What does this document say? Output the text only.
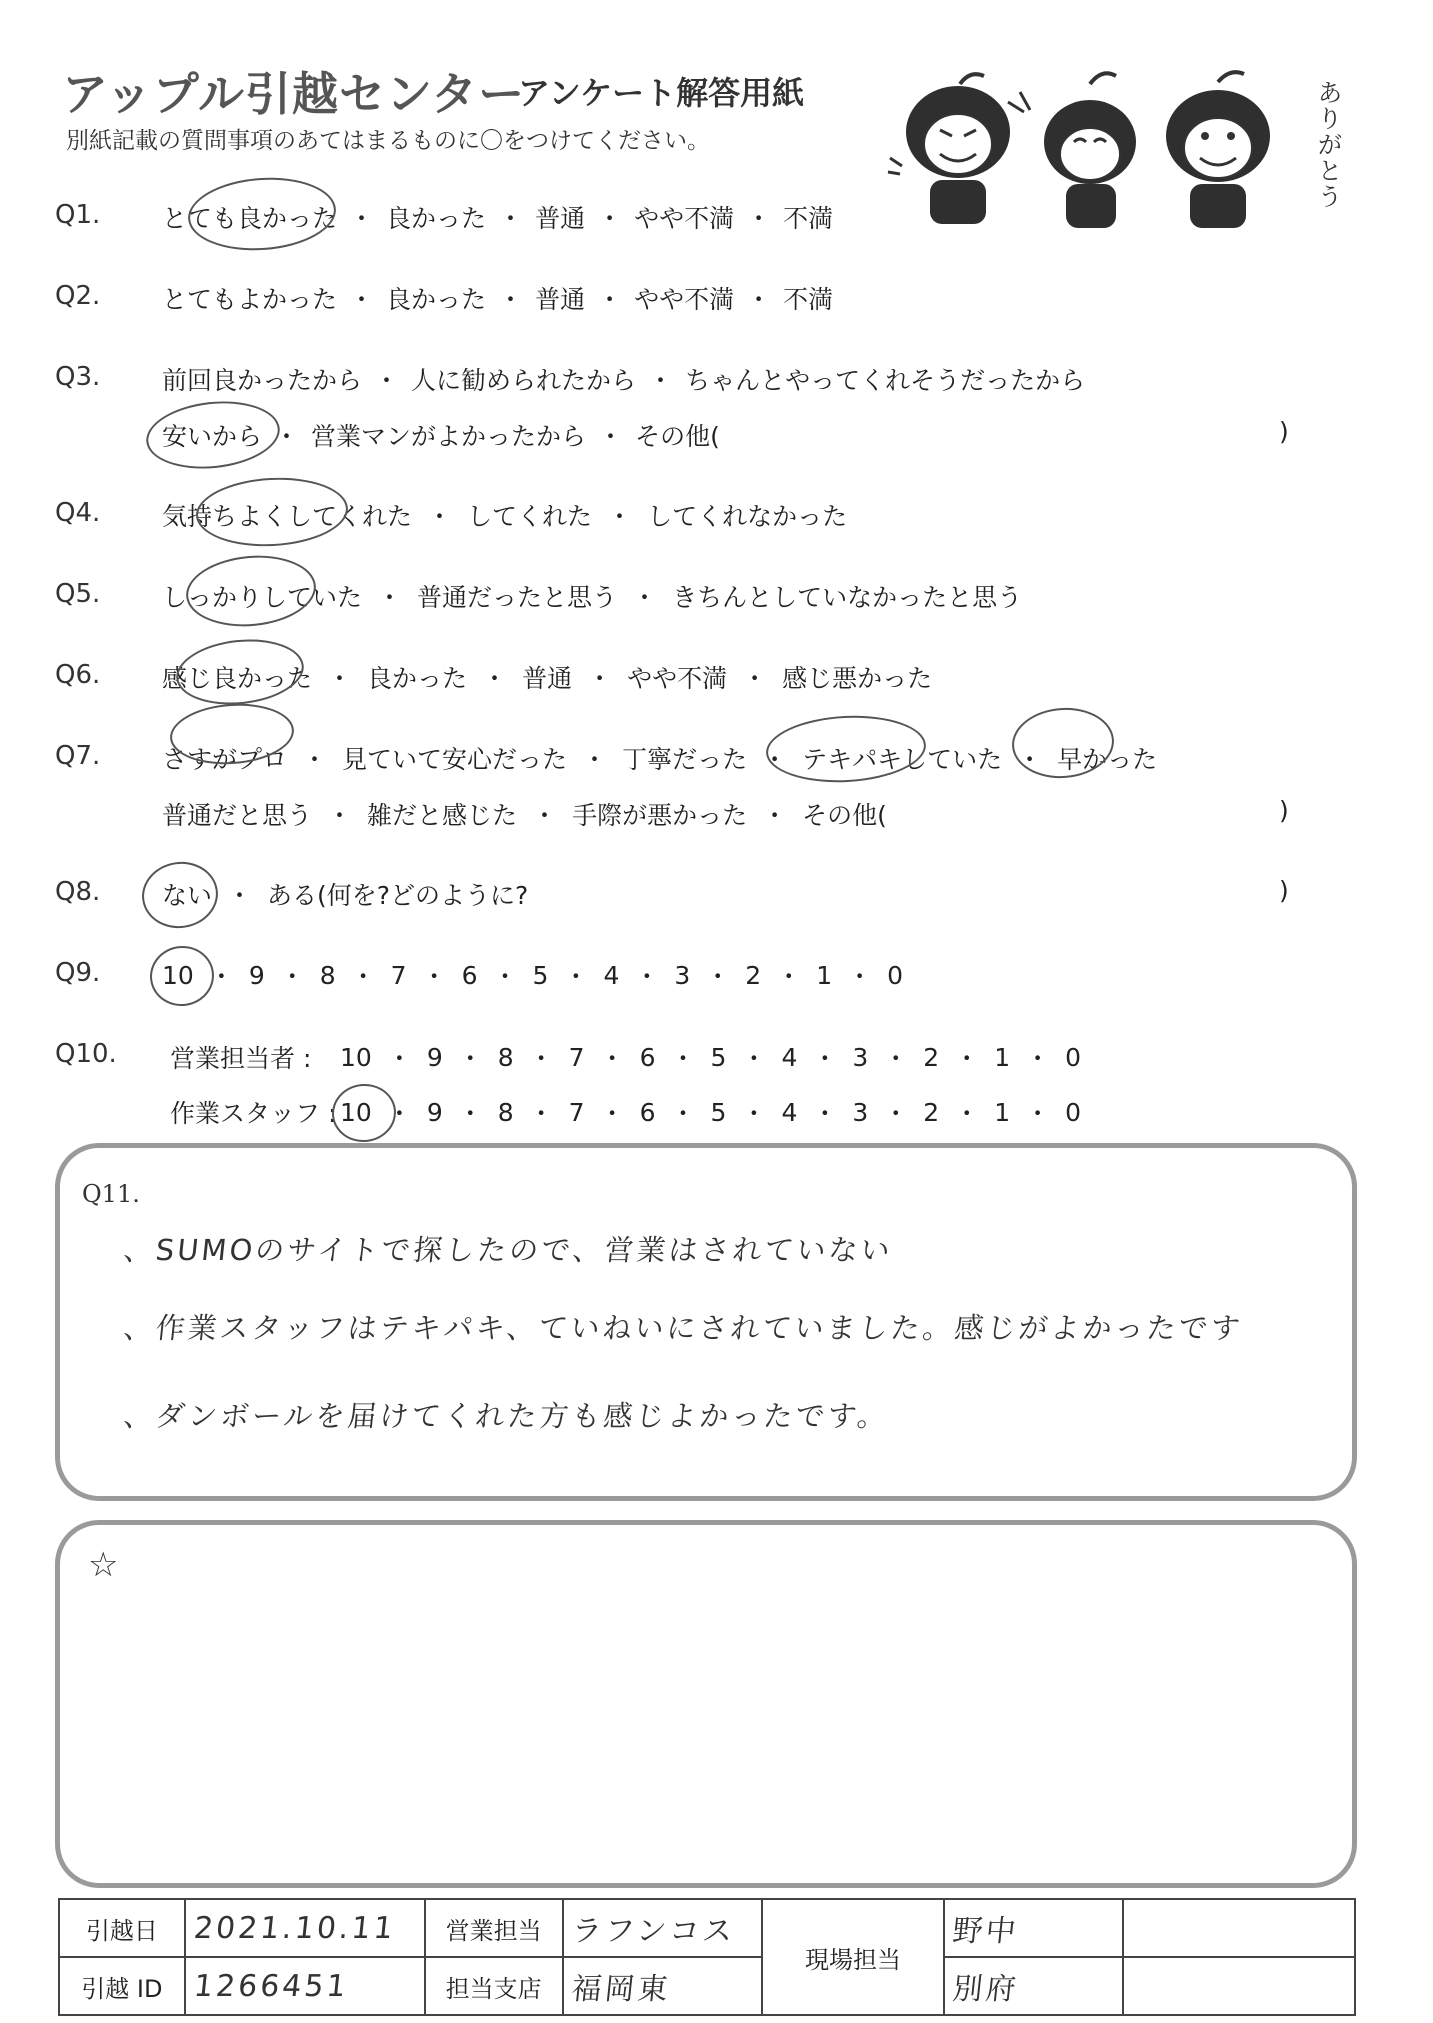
アップル引越センター
アンケート解答用紙
別紙記載の質問事項のあてはまるものに〇をつけてください。
ありがとう
Q1. とても良かった ・ 良かった ・ 普通 ・ やや不満 ・ 不満
Q2. とてもよかった ・ 良かった ・ 普通 ・ やや不満 ・ 不満
Q3. 前回良かったから ・ 人に勧められたから ・ ちゃんとやってくれそうだったから
安いから ・ 営業マンがよかったから ・ その他(	)
Q4. 気持ちよくしてくれた ・ してくれた ・ してくれなかった
Q5. しっかりしていた ・ 普通だったと思う ・ きちんとしていなかったと思う
Q6. 感じ良かった ・ 良かった ・ 普通 ・ やや不満 ・ 感じ悪かった
Q7. さすがプロ ・ 見ていて安心だった ・ 丁寧だった ・ テキパキしていた ・ 早かった
普通だと思う ・ 雑だと感じた ・ 手際が悪かった ・ その他(	)
Q8. ない ・ ある(何を?どのように?	)
Q9. 10 ・ 9 ・ 8 ・ 7 ・ 6 ・ 5 ・ 4 ・ 3 ・ 2 ・ 1 ・ 0
Q10. 営業担当者 :	10 ・ 9 ・ 8 ・ 7 ・ 6 ・ 5 ・ 4 ・ 3 ・ 2 ・ 1 ・ 0
作業スタッフ : 10 ・ 9 ・ 8 ・ 7 ・ 6 ・ 5 ・ 4 ・ 3 ・ 2 ・ 1 ・ 0
Q11.
、SUMOのサイトで探したので、営業はされていない
、作業スタッフはテキパキ、ていねいにされていました。感じがよかったです
、ダンボールを届けてくれた方も感じよかったです。
☆
引越日	2021.10.11	営業担当	ラフンコス	現場担当	野中	
引越 ID	1266451	担当支店	福岡東		別府	
